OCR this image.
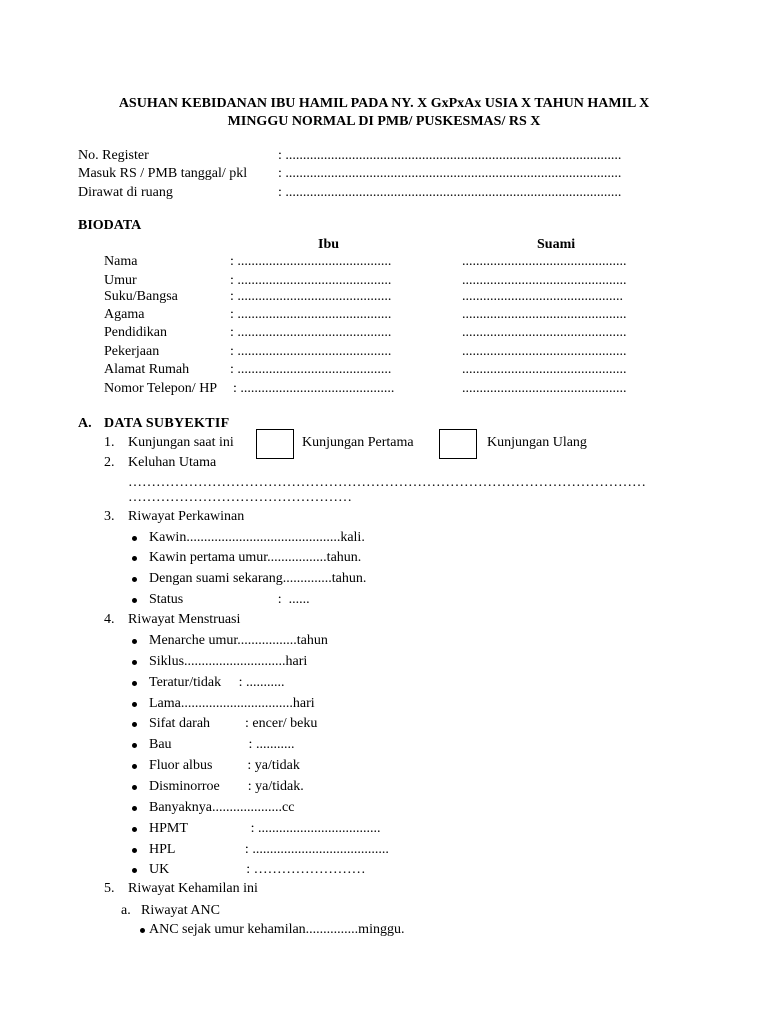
ASUHAN KEBIDANAN IBU HAMIL PADA NY. X GxPxAx USIA X TAHUN HAMIL X
MINGGU NORMAL DI PMB/ PUSKESMAS/ RS X
No. Register	: ................................................................................................
Masuk RS / PMB tanggal/ pkl : ................................................................................................
Dirawat di ruang	: ................................................................................................
BIODATA
Ibu	Suami
Nama	: ............................................	...............................................
Umur	: ............................................	...............................................
Suku/Bangsa	: ............................................	..............................................
Agama	: ............................................	...............................................
Pendidikan	: ............................................	...............................................
Pekerjaan	: ............................................	...............................................
Alamat Rumah	: ............................................	...............................................
Nomor Telepon/ HP : ............................................	...............................................
A. DATA SUBYEKTIF
1. Kunjungan saat ini	Kunjungan Pertama	Kunjungan Ulang
2. Keluhan Utama
…………………………………………………………………………………………………
…………………………………………
3. Riwayat Perkawinan
Kawin............................................kali.
Kawin pertama umur.................tahun.
Dengan suami sekarang..............tahun.
Status                           :  ......
4. Riwayat Menstruasi
Menarche umur.................tahun
Siklus.............................hari
Teratur/tidak     : ...........
Lama................................hari
Sifat darah          : encer/ beku
Bau                      : ...........
Fluor albus          : ya/tidak
Disminorroe        : ya/tidak.
Banyaknya....................cc
HPMT                  : ...................................
HPL                    : .......................................
UK                      : ……………………
5. Riwayat Kehamilan ini
a. Riwayat ANC
ANC sejak umur kehamilan...............minggu.
